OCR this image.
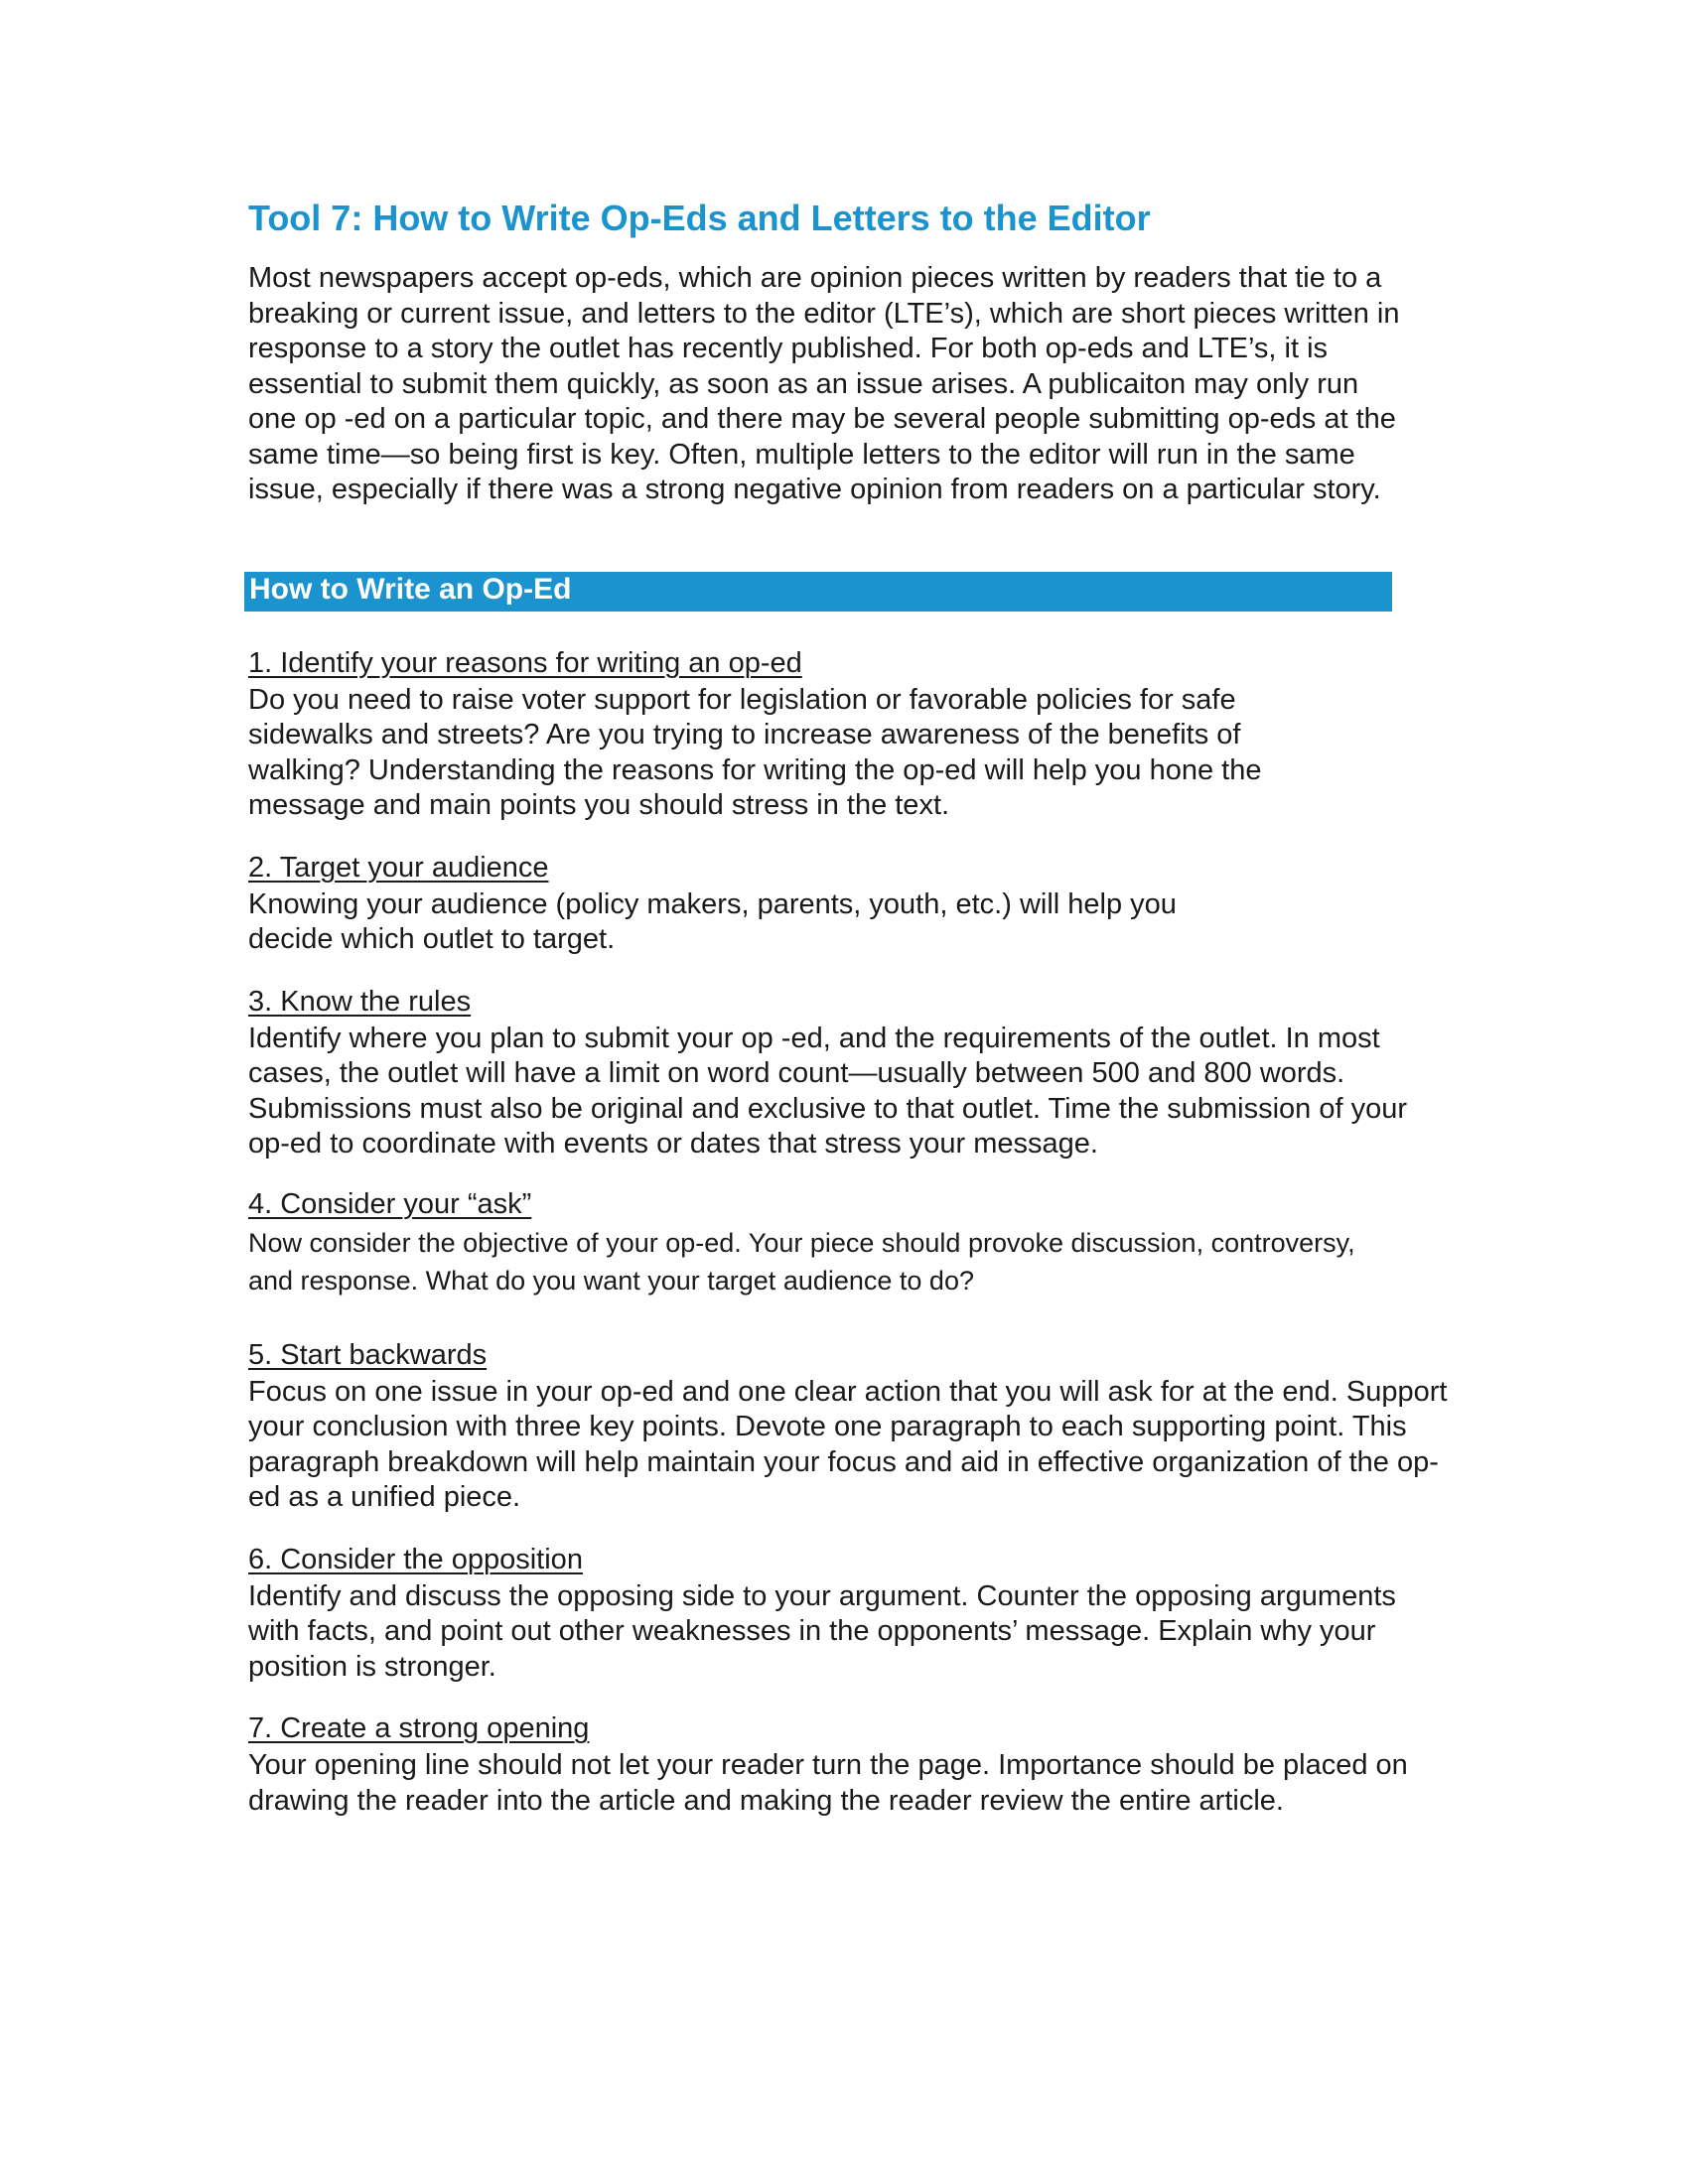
Tool 7: How to Write Op-Eds and Letters to the Editor

Most newspapers accept op-eds, which are opinion pieces written by readers that tie to a breaking or current issue, and letters to the editor (LTE’s), which are short pieces written in response to a story the outlet has recently published. For both op-eds and LTE’s, it is essential to submit them quickly, as soon as an issue arises. A publicaiton may only run one op -ed on a particular topic, and there may be several people submitting op-eds at the same time—so being first is key. Often, multiple letters to the editor will run in the same issue, especially if there was a strong negative opinion from readers on a particular story.

How to Write an Op-Ed
1. Identify your reasons for writing an op-ed

Do you need to raise voter support for legislation or favorable policies for safe sidewalks and streets? Are you trying to increase awareness of the benefits of walking? Understanding the reasons for writing the op-ed will help you hone the message and main points you should stress in the text.

2. Target your audience

Knowing your audience (policy makers, parents, youth, etc.) will help you decide which outlet to target.

3. Know the rules

Identify where you plan to submit your op -ed, and the requirements of the outlet. In most cases, the outlet will have a limit on word count—usually between 500 and 800 words. Submissions must also be original and exclusive to that outlet. Time the submission of your op-ed to coordinate with events or dates that stress your message.

4. Consider your “ask”

Now consider the objective of your op-ed. Your piece should provoke discussion, controversy, and response. What do you want your target audience to do?

5. Start backwards

Focus on one issue in your op-ed and one clear action that you will ask for at the end. Support your conclusion with three key points. Devote one paragraph to each supporting point. This paragraph breakdown will help maintain your focus and aid in effective organization of the op-ed as a unified piece.

6. Consider the opposition

Identify and discuss the opposing side to your argument. Counter the opposing arguments with facts, and point out other weaknesses in the opponents’ message. Explain why your position is stronger.

7. Create a strong opening

Your opening line should not let your reader turn the page. Importance should be placed on drawing the reader into the article and making the reader review the entire article.
